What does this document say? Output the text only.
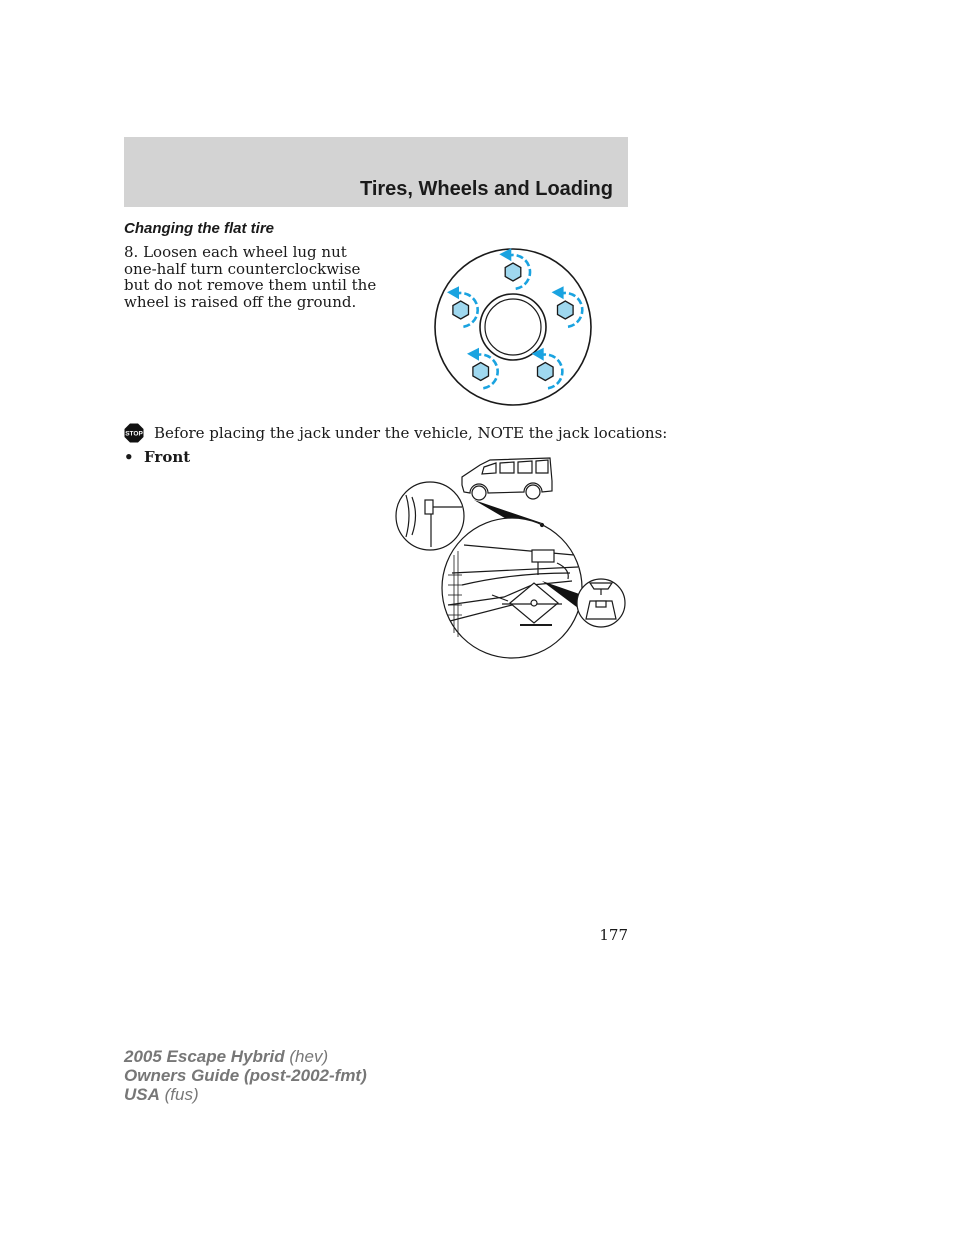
Tires, Wheels and Loading
Changing the flat tire

8. Loosen each wheel lug nut one-half turn counterclockwise but do not remove them until the wheel is raised off the ground.

STOP Before placing the jack under the vehicle, NOTE the jack locations:

• Front

177

2005 Escape Hybrid (hev)
Owners Guide (post-2002-fmt)
USA (fus)
